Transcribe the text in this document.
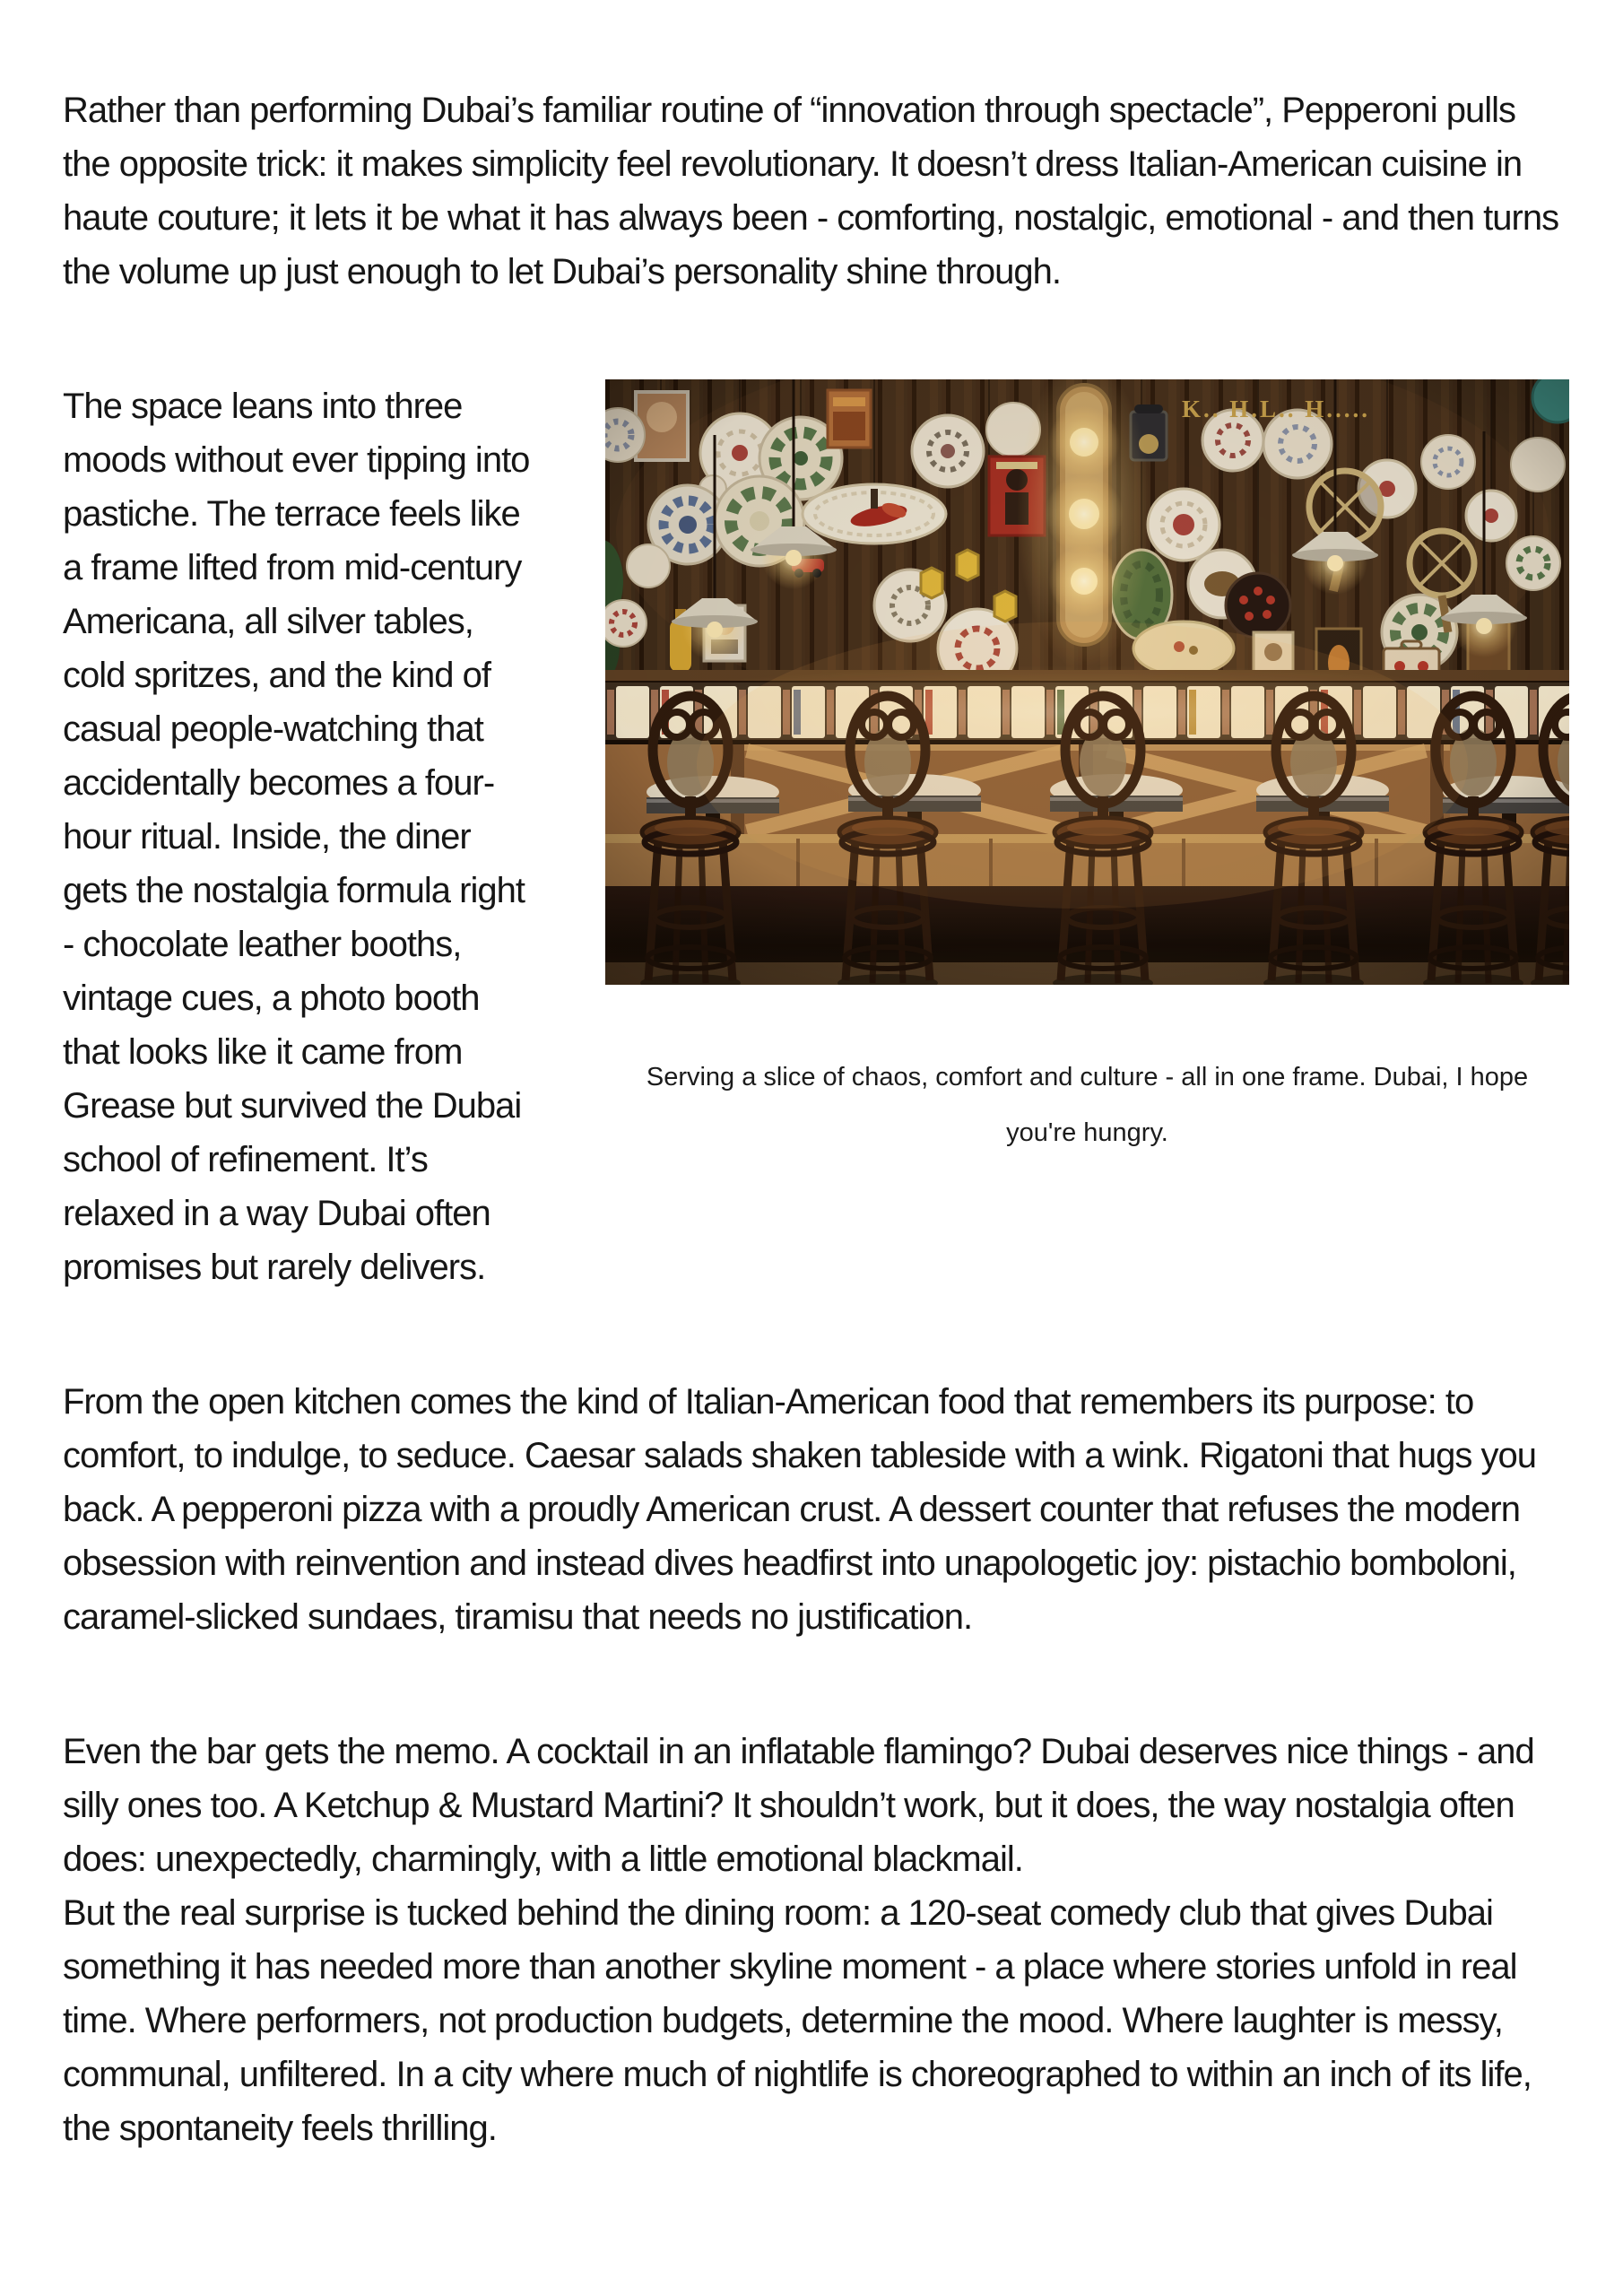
Rather than performing Dubai’s familiar routine of “innovation through spectacle”, Pepperoni pulls the opposite trick: it makes simplicity feel revolutionary. It doesn’t dress Italian-American cuisine in haute couture; it lets it be what it has always been - comforting, nostalgic, emotional - and then turns the volume up just enough to let Dubai’s personality shine through.

Serving a slice of chaos, comfort and culture - all in one frame. Dubai, I hope you're hungry.
The space leans into three moods without ever tipping into pastiche. The terrace feels like a frame lifted from mid-century Americana, all silver tables, cold spritzes, and the kind of casual people-watching that accidentally becomes a four-hour ritual. Inside, the diner gets the nostalgia formula right - chocolate leather booths, vintage cues, a photo booth that looks like it came from Grease but survived the Dubai school of refinement. It’s relaxed in a way Dubai often promises but rarely delivers.

From the open kitchen comes the kind of Italian-American food that remembers its purpose: to comfort, to indulge, to seduce. Caesar salads shaken tableside with a wink. Rigatoni that hugs you back. A pepperoni pizza with a proudly American crust. A dessert counter that refuses the modern obsession with reinvention and instead dives headfirst into unapologetic joy: pistachio bomboloni, caramel-slicked sundaes, tiramisu that needs no justification.

Even the bar gets the memo. A cocktail in an inflatable flamingo? Dubai deserves nice things - and silly ones too. A Ketchup & Mustard Martini? It shouldn’t work, but it does, the way nostalgia often does: unexpectedly, charmingly, with a little emotional blackmail.
But the real surprise is tucked behind the dining room: a 120-seat comedy club that gives Dubai something it has needed more than another skyline moment - a place where stories unfold in real time. Where performers, not production budgets, determine the mood. Where laughter is messy, communal, unfiltered. In a city where much of nightlife is choreographed to within an inch of its life, the spontaneity feels thrilling.
